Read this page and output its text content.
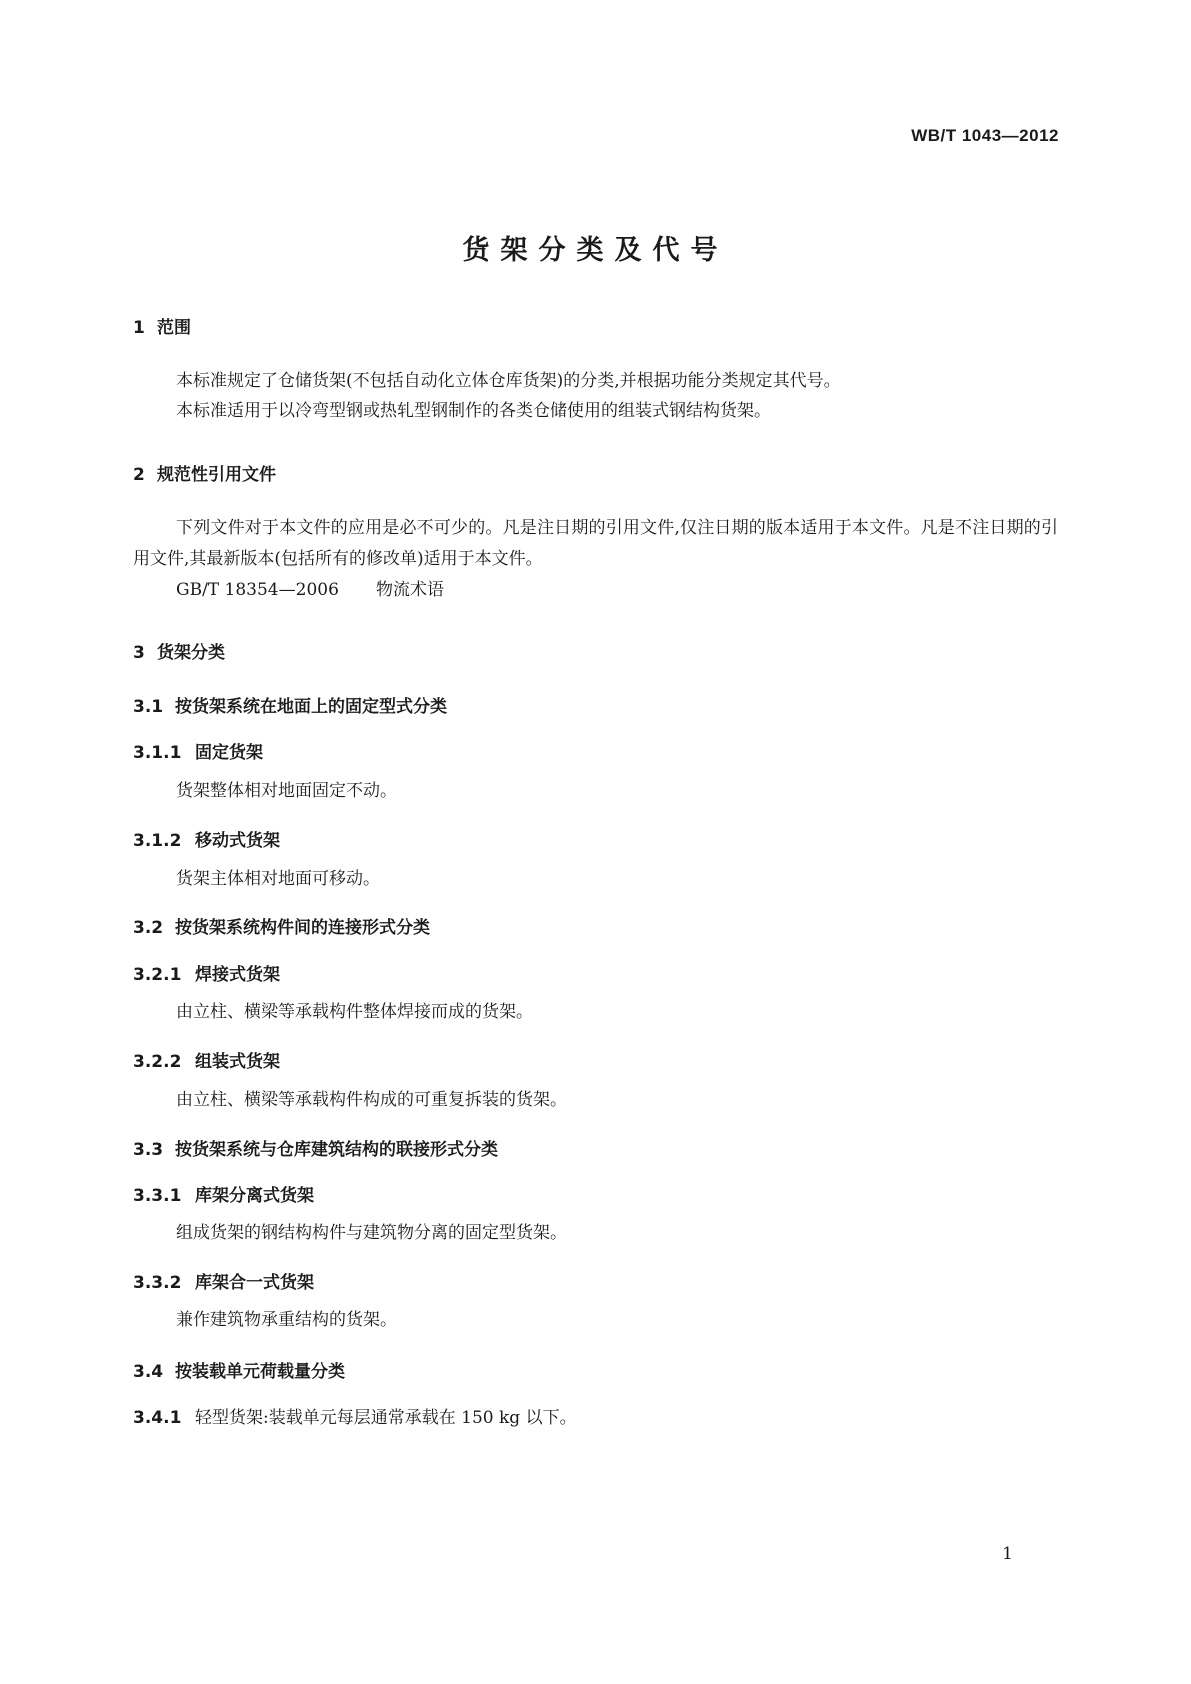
WB/T 1043—2012
货架分类及代号
1 范围
本标准规定了仓储货架(不包括自动化立体仓库货架)的分类,并根据功能分类规定其代号。
本标准适用于以冷弯型钢或热轧型钢制作的各类仓储使用的组装式钢结构货架。
2 规范性引用文件
下列文件对于本文件的应用是必不可少的。凡是注日期的引用文件,仅注日期的版本适用于本文件。凡是不注日期的引用文件,其最新版本(包括所有的修改单)适用于本文件。
GB/T 18354—2006 物流术语
3 货架分类
3.1 按货架系统在地面上的固定型式分类
3.1.1 固定货架
货架整体相对地面固定不动。
3.1.2 移动式货架
货架主体相对地面可移动。
3.2 按货架系统构件间的连接形式分类
3.2.1 焊接式货架
由立柱、横梁等承载构件整体焊接而成的货架。
3.2.2 组装式货架
由立柱、横梁等承载构件构成的可重复拆装的货架。
3.3 按货架系统与仓库建筑结构的联接形式分类
3.3.1 库架分离式货架
组成货架的钢结构构件与建筑物分离的固定型货架。
3.3.2 库架合一式货架
兼作建筑物承重结构的货架。
3.4 按装载单元荷载量分类
3.4.1 轻型货架:装载单元每层通常承载在 150 kg 以下。
1
